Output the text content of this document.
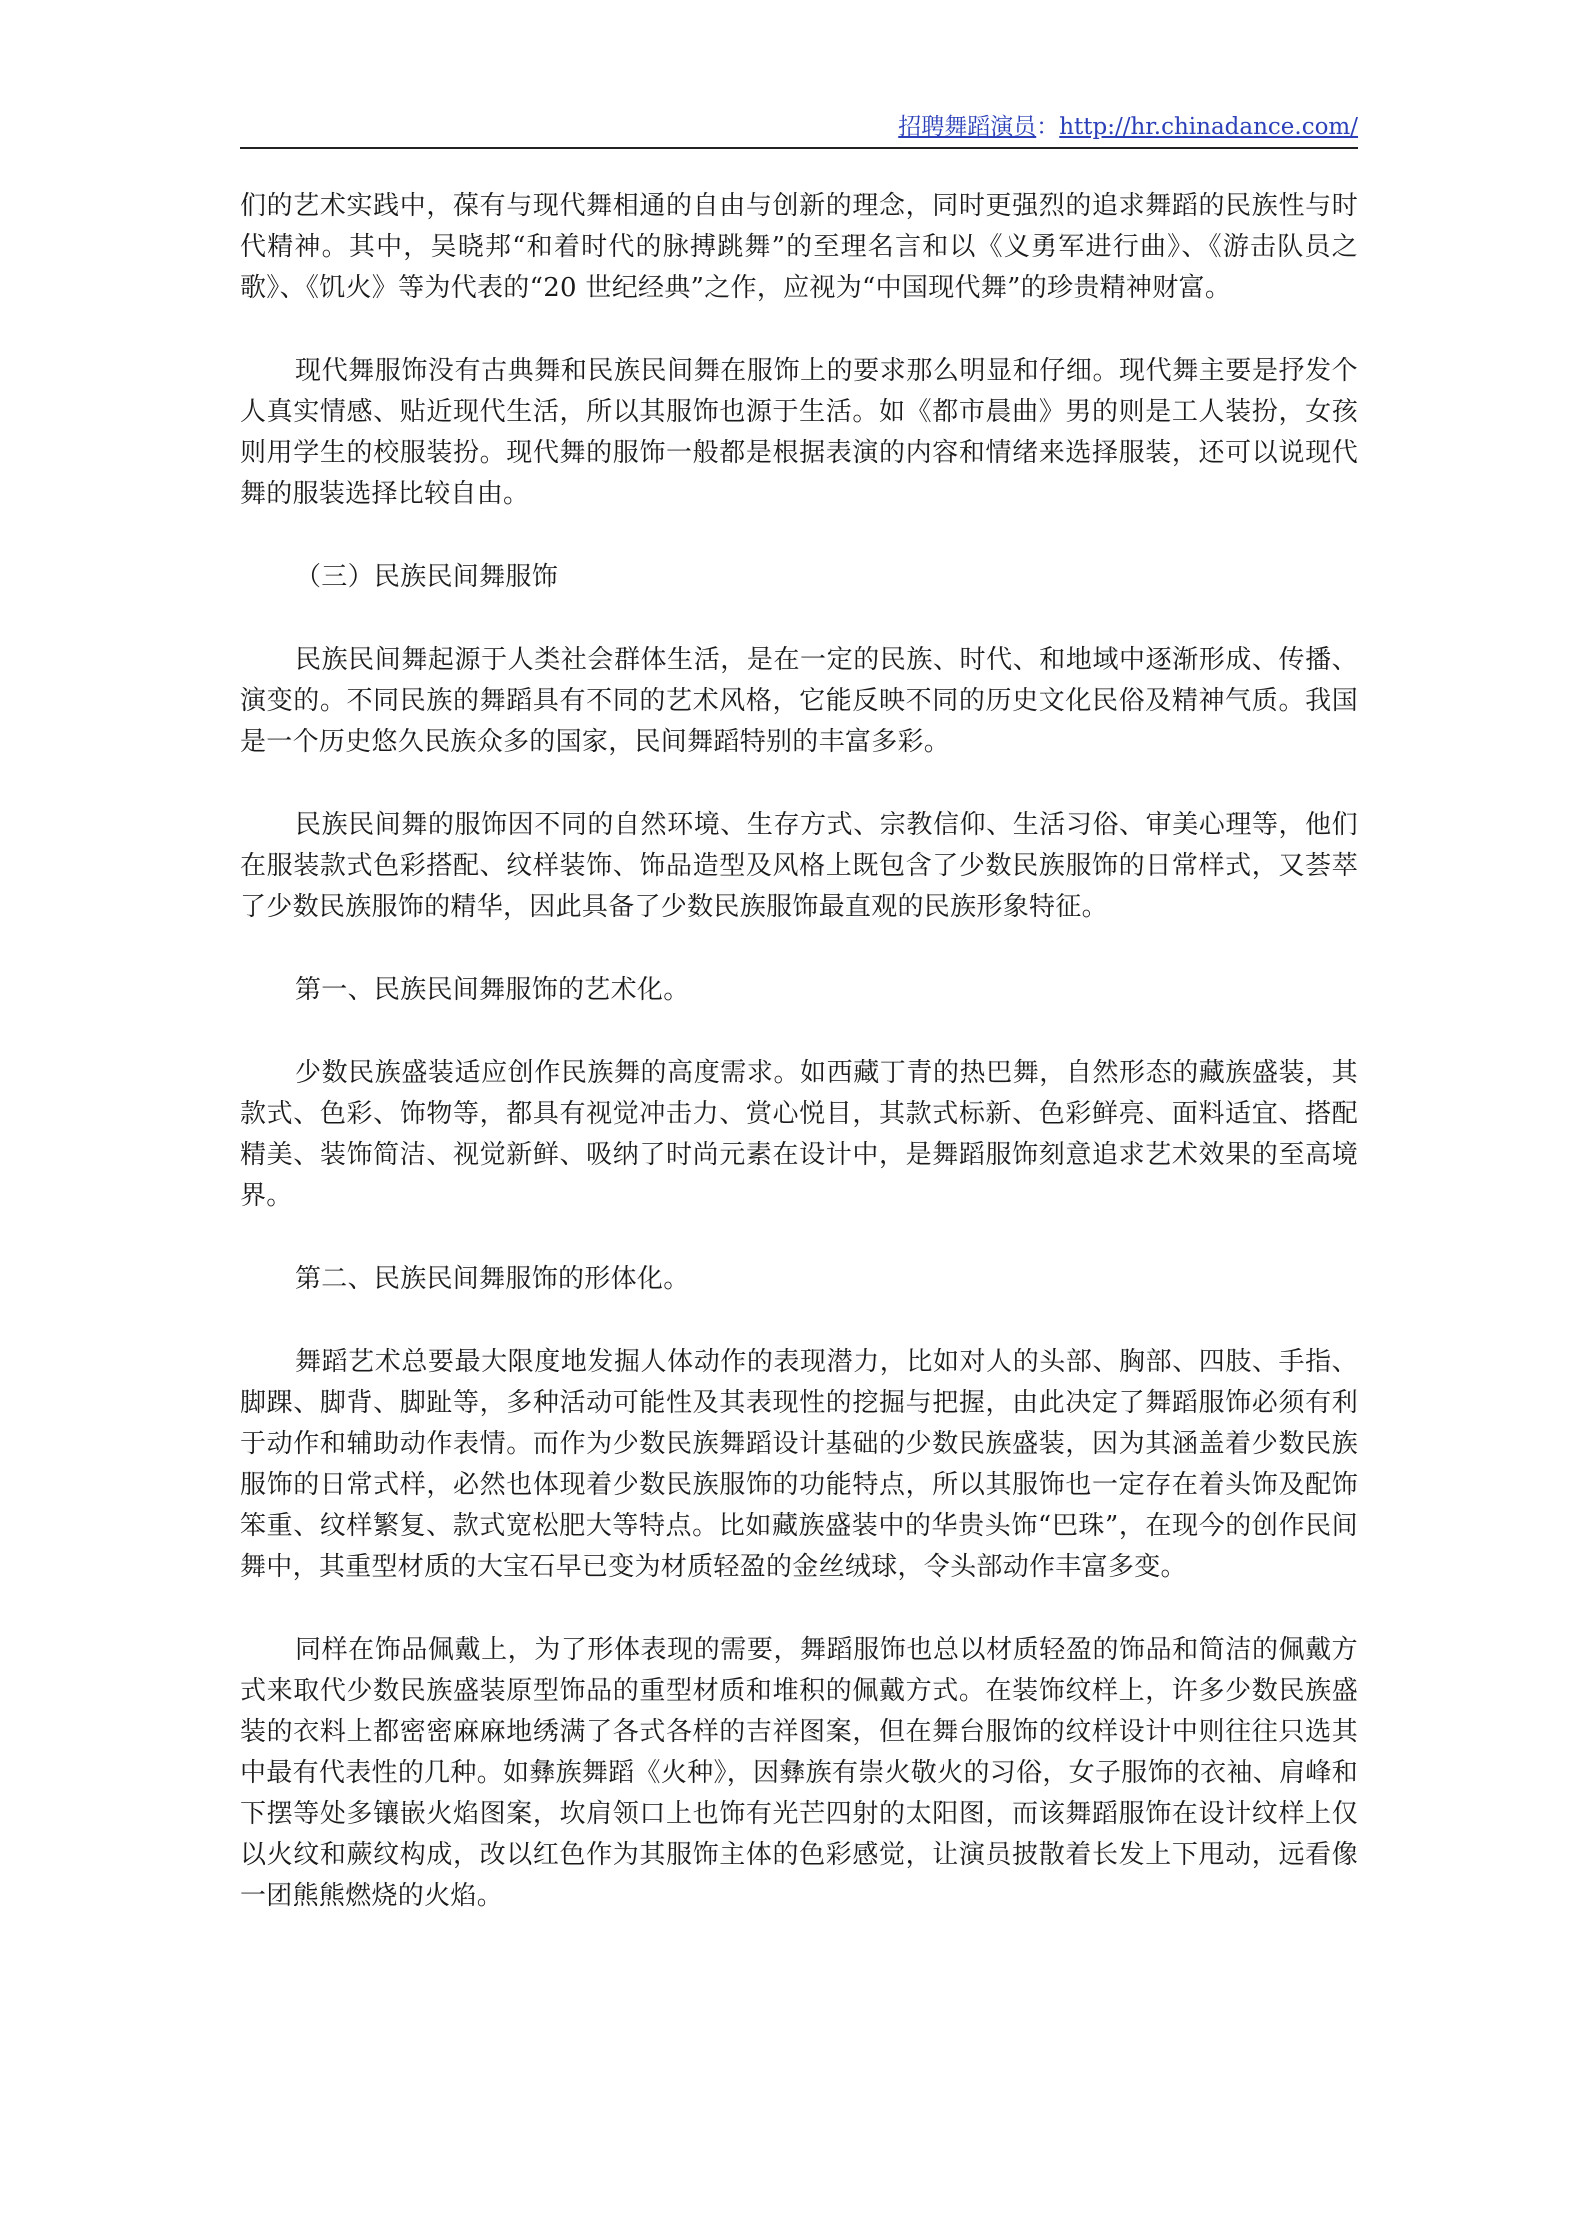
招聘舞蹈演员：http://hr.chinadance.com/

们的艺术实践中，葆有与现代舞相通的自由与创新的理念，同时更强烈的追求舞蹈的民族性与时代精神。其中，吴晓邦“和着时代的脉搏跳舞”的至理名言和以《义勇军进行曲》、《游击队员之歌》、《饥火》等为代表的“20 世纪经典”之作，应视为“中国现代舞”的珍贵精神财富。

现代舞服饰没有古典舞和民族民间舞在服饰上的要求那么明显和仔细。现代舞主要是抒发个人真实情感、贴近现代生活，所以其服饰也源于生活。如《都市晨曲》男的则是工人装扮，女孩则用学生的校服装扮。现代舞的服饰一般都是根据表演的内容和情绪来选择服装，还可以说现代舞的服装选择比较自由。

（三）民族民间舞服饰

民族民间舞起源于人类社会群体生活，是在一定的民族、时代、和地域中逐渐形成、传播、演变的。不同民族的舞蹈具有不同的艺术风格，它能反映不同的历史文化民俗及精神气质。我国是一个历史悠久民族众多的国家，民间舞蹈特别的丰富多彩。

民族民间舞的服饰因不同的自然环境、生存方式、宗教信仰、生活习俗、审美心理等，他们在服装款式色彩搭配、纹样装饰、饰品造型及风格上既包含了少数民族服饰的日常样式，又荟萃了少数民族服饰的精华，因此具备了少数民族服饰最直观的民族形象特征。

第一、民族民间舞服饰的艺术化。

少数民族盛装适应创作民族舞的高度需求。如西藏丁青的热巴舞，自然形态的藏族盛装，其款式、色彩、饰物等，都具有视觉冲击力、赏心悦目，其款式标新、色彩鲜亮、面料适宜、搭配精美、装饰简洁、视觉新鲜、吸纳了时尚元素在设计中，是舞蹈服饰刻意追求艺术效果的至高境界。

第二、民族民间舞服饰的形体化。

舞蹈艺术总要最大限度地发掘人体动作的表现潜力，比如对人的头部、胸部、四肢、手指、脚踝、脚背、脚趾等，多种活动可能性及其表现性的挖掘与把握，由此决定了舞蹈服饰必须有利于动作和辅助动作表情。而作为少数民族舞蹈设计基础的少数民族盛装，因为其涵盖着少数民族服饰的日常式样，必然也体现着少数民族服饰的功能特点，所以其服饰也一定存在着头饰及配饰笨重、纹样繁复、款式宽松肥大等特点。比如藏族盛装中的华贵头饰“巴珠”，在现今的创作民间舞中，其重型材质的大宝石早已变为材质轻盈的金丝绒球，令头部动作丰富多变。

同样在饰品佩戴上，为了形体表现的需要，舞蹈服饰也总以材质轻盈的饰品和简洁的佩戴方式来取代少数民族盛装原型饰品的重型材质和堆积的佩戴方式。在装饰纹样上，许多少数民族盛装的衣料上都密密麻麻地绣满了各式各样的吉祥图案，但在舞台服饰的纹样设计中则往往只选其中最有代表性的几种。如彝族舞蹈《火种》，因彝族有崇火敬火的习俗，女子服饰的衣袖、肩峰和下摆等处多镶嵌火焰图案，坎肩领口上也饰有光芒四射的太阳图，而该舞蹈服饰在设计纹样上仅以火纹和蕨纹构成，改以红色作为其服饰主体的色彩感觉，让演员披散着长发上下甩动，远看像一团熊熊燃烧的火焰。
